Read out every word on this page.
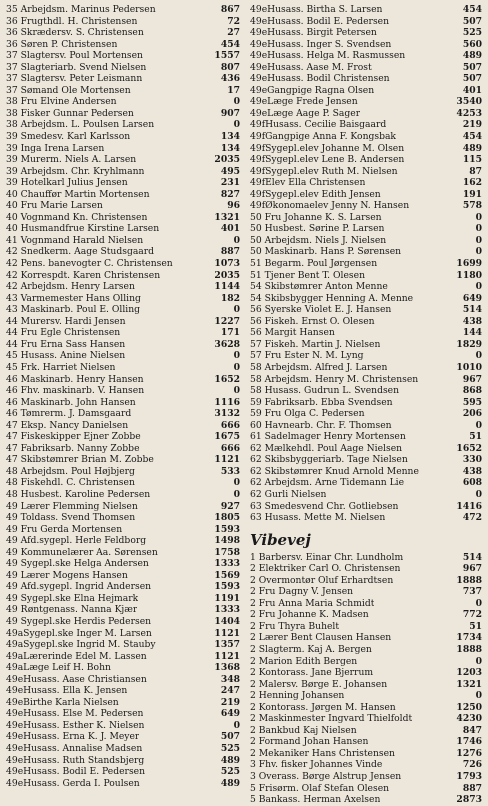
35 Arbejdsm. Marinus Pedersen	867
36 Frugthdl. H. Christensen	72
36 Skrædersv. S. Christensen	27
36 Søren P. Christensen	454
37 Slagtersv. Poul Mortensen	1557
37 Slagteriarb. Svend Nielsen	807
37 Slagtersv. Peter Leismann	436
37 Sømand Ole Mortensen	17
38 Fru Elvine Andersen	0
38 Fisker Gunnar Pedersen	907
38 Arbejdsm. L. Poulsen Larsen	0
39 Smedesv. Karl Karlsson	134
39 Inga Irena Larsen	134
39 Murerm. Niels A. Larsen	2035
39 Arbejdsm. Chr. Kryhlmann	495
39 Hotelkarl Julius Jensen	231
40 Chauffør Martin Mortensen	827
40 Fru Marie Larsen	96
40 Vognmand Kn. Christensen	1321
40 Husmandfrue Kirstine Larsen	401
41 Vognmand Harald Nielsen	0
42 Snedkerm. Aage Studsgaard	887
42 Pens. banevogter C. Christensen	1073
42 Korrespdt. Karen Christensen	2035
42 Arbejdsm. Henry Larsen	1144
43 Varmemester Hans Olling	182
43 Maskinarb. Poul E. Olling	0
44 Murersv. Hardi Jensen	1227
44 Fru Egle Christensen	171
44 Fru Erna Sass Hansen	3628
45 Husass. Anine Nielsen	0
45 Frk. Harriet Nielsen	0
46 Maskinarb. Henry Hansen	1652
46 Fhv. maskinarb. V. Hansen	0
46 Maskinarb. John Hansen	1116
46 Tømrerm. J. Damsgaard	3132
47 Eksp. Nancy Danielsen	666
47 Fiskeskipper Ejner Zobbe	1675
47 Fabriksarb. Nanny Zobbe	666
47 Skibstømrer Brian M. Zobbe	1121
48 Arbejdsm. Poul Højbjerg	533
48 Fiskehdl. C. Christensen	0
48 Husbest. Karoline Pedersen	0
49 Lærer Flemming Nielsen	927
49 Toldass. Svend Thomsen	1805
49 Fru Gerda Mortensen	1593
49 Afd.sygepl. Herle Feldborg	1498
49 Kommunelærer Aa. Sørensen	1758
49 Sygepl.ske Helga Andersen	1333
49 Lærer Mogens Hansen	1569
49 Afd.sygepl. Ingrid Andersen	1593
49 Sygepl.ske Elna Hejmark	1191
49 Røntgenass. Nanna Kjær	1333
49 Sygepl.ske Herdis Pedersen	1404
49aSygepl.ske Inger M. Larsen	1121
49aSygepl.ske Ingrid M. Stauby	1357
49aLærerinde Edel M. Lassen	1121
49aLæge Leif H. Bohn	1368
49eHusass. Aase Christiansen	348
49eHusass. Ella K. Jensen	247
49eBirthe Karla Nielsen	219
49eHusass. Else M. Pedersen	649
49eHusass. Esther K. Nielsen	0
49eHusass. Erna K. J. Meyer	507
49eHusass. Annalise Madsen	525
49eHusass. Ruth Standsbjerg	489
49eHusass. Bodil E. Pedersen	525
49eHusass. Gerda I. Poulsen	489
49eHusass. Birtha S. Larsen	454
49eHusass. Bodil E. Pedersen	507
49eHusass. Birgit Petersen	525
49eHusass. Inger S. Svendsen	560
49eHusass. Helga M. Rasmussen	489
49eHusass. Aase M. Frost	507
49eHusass. Bodil Christensen	507
49eGangpige Ragna Olsen	401
49eLæge Frede Jensen	3540
49eLæge Aage P. Sager	4253
49fHusass. Cecilie Baisgaard	219
49fGangpige Anna F. Kongsbak	454
49fSygepl.elev Johanne M. Olsen	489
49fSygepl.elev Lene B. Andersen	115
49fSygepl.elev Ruth M. Nielsen	87
49fElev Ella Christensen	162
49fSygepl.elev Edith Jensen	191
49fØkonomaelev Jenny N. Hansen	578
50 Fru Johanne K. S. Larsen	0
50 Husbest. Sørine P. Larsen	0
50 Arbejdsm. Niels J. Nielsen	0
50 Maskinarb. Hans P. Sørensen	0
51 Begarm. Poul Jørgensen	1699
51 Tjener Bent T. Olesen	1180
54 Skibstømrer Anton Menne	0
54 Skibsbygger Henning A. Menne	649
56 Syerske Violet E. J. Hansen	514
56 Fiskeh. Ernst O. Olesen	438
56 Margit Hansen	144
57 Fiskeh. Martin J. Nielsen	1829
57 Fru Ester N. M. Lyng	0
58 Arbejdsm. Alfred J. Larsen	1010
58 Arbejdsm. Henry M. Christensen	967
58 Husass. Gudrun L. Svendsen	868
59 Fabriksarb. Ebba Svendsen	595
59 Fru Olga C. Pedersen	206
60 Havnearb. Chr. F. Thomsen	0
61 Sadelmager Henry Mortensen	51
62 Mælkehdl. Poul Aage Nielsen	1652
62 Skibsbyggeriarb. Tage Nielsen	330
62 Skibstømrer Knud Arnold Menne	438
62 Arbejdsm. Arne Tidemann Lie	608
62 Gurli Nielsen	0
63 Smedesvend Chr. Gotliebsen	1416
63 Husass. Mette M. Nielsen	472
Vibevej
1 Barbersv. Einar Chr. Lundholm	514
2 Elektriker Carl O. Christensen	967
2 Overmontør Oluf Erhardtsen	1888
2 Fru Dagny V. Jensen	737
2 Fru Anna Maria Schmidt	0
2 Fru Johanne K. Madsen	772
2 Fru Thyra Buhelt	51
2 Lærer Bent Clausen Hansen	1734
2 Slagterm. Kaj A. Bergen	1888
2 Marion Edith Bergen	0
2 Kontorass. Jane Bjerrum	1203
2 Malersv. Børge E. Johansen	1321
2 Henning Johansen	0
2 Kontorass. Jørgen M. Hansen	1250
2 Maskinmester Ingvard Thielfoldt	4230
2 Bankbud Kaj Nielsen	847
2 Formand Johan Hansen	1746
2 Mekaniker Hans Christensen	1276
3 Fhv. fisker Johannes Vinde	726
3 Overass. Børge Alstrup Jensen	1793
5 Frisørm. Olaf Stefan Olesen	887
5 Bankass. Herman Axelsen	2873
